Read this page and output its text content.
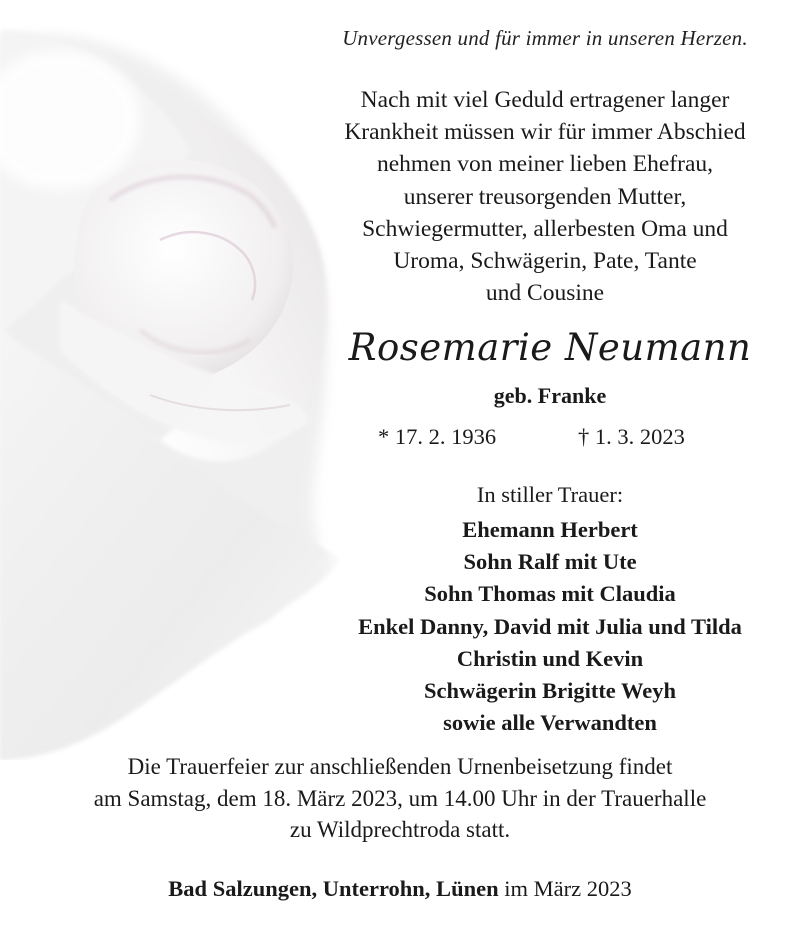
Unvergessen und für immer in unseren Herzen.
Nach mit viel Geduld ertragener langer
Krankheit müssen wir für immer Abschied
nehmen von meiner lieben Ehefrau,
unserer treusorgenden Mutter,
Schwiegermutter, allerbesten Oma und
Uroma, Schwägerin, Pate, Tante
und Cousine
Rosemarie Neumann
geb. Franke
* 17. 2. 1936	† 1. 3. 2023
In stiller Trauer:
Ehemann Herbert
Sohn Ralf mit Ute
Sohn Thomas mit Claudia
Enkel Danny, David mit Julia und Tilda
Christin und Kevin
Schwägerin Brigitte Weyh
sowie alle Verwandten
Die Trauerfeier zur anschließenden Urnenbeisetzung findet
am Samstag, dem 18. März 2023, um 14.00 Uhr in der Trauerhalle
zu Wildprechtroda statt.
Bad Salzungen, Unterrohn, Lünen im März 2023
